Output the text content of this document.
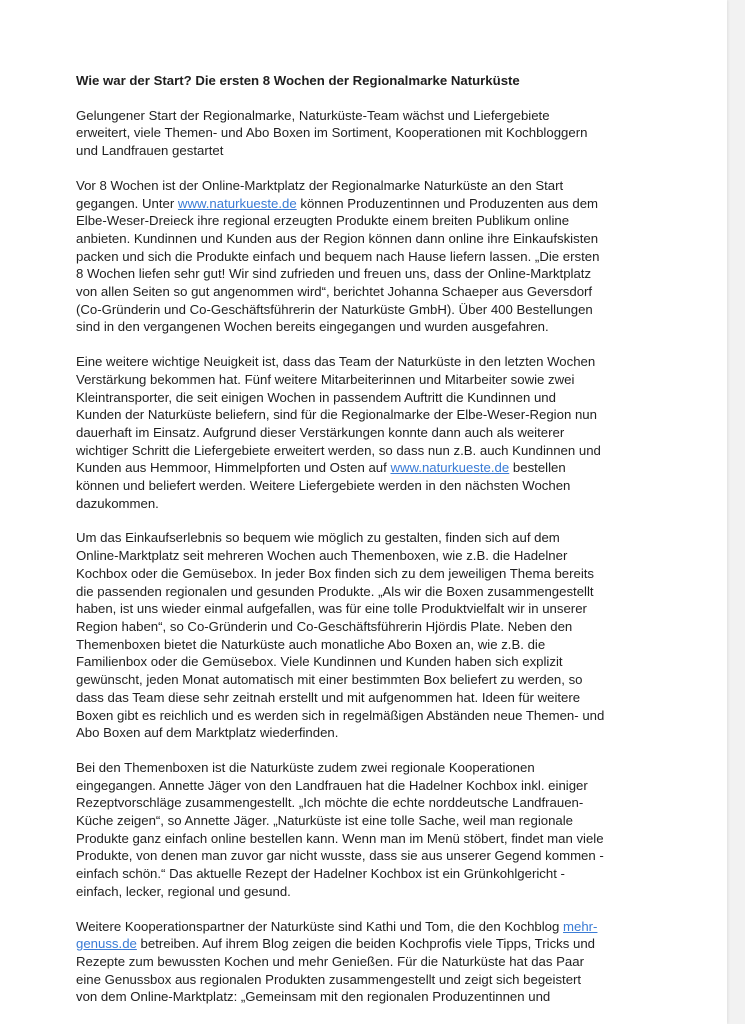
Wie war der Start? Die ersten 8 Wochen der Regionalmarke Naturküste

Gelungener Start der Regionalmarke, Naturküste-Team wächst und Liefergebiete
erweitert, viele Themen- und Abo Boxen im Sortiment, Kooperationen mit Kochbloggern
und Landfrauen gestartet

Vor 8 Wochen ist der Online-Marktplatz der Regionalmarke Naturküste an den Start
gegangen. Unter www.naturkueste.de können Produzentinnen und Produzenten aus dem
Elbe-Weser-Dreieck ihre regional erzeugten Produkte einem breiten Publikum online
anbieten. Kundinnen und Kunden aus der Region können dann online ihre Einkaufskisten
packen und sich die Produkte einfach und bequem nach Hause liefern lassen. „Die ersten
8 Wochen liefen sehr gut! Wir sind zufrieden und freuen uns, dass der Online-Marktplatz
von allen Seiten so gut angenommen wird“, berichtet Johanna Schaeper aus Geversdorf
(Co-Gründerin und Co-Geschäftsführerin der Naturküste GmbH). Über 400 Bestellungen
sind in den vergangenen Wochen bereits eingegangen und wurden ausgefahren.

Eine weitere wichtige Neuigkeit ist, dass das Team der Naturküste in den letzten Wochen
Verstärkung bekommen hat. Fünf weitere Mitarbeiterinnen und Mitarbeiter sowie zwei
Kleintransporter, die seit einigen Wochen in passendem Auftritt die Kundinnen und
Kunden der Naturküste beliefern, sind für die Regionalmarke der Elbe-Weser-Region nun
dauerhaft im Einsatz. Aufgrund dieser Verstärkungen konnte dann auch als weiterer
wichtiger Schritt die Liefergebiete erweitert werden, so dass nun z.B. auch Kundinnen und
Kunden aus Hemmoor, Himmelpforten und Osten auf www.naturkueste.de bestellen
können und beliefert werden. Weitere Liefergebiete werden in den nächsten Wochen
dazukommen.

Um das Einkaufserlebnis so bequem wie möglich zu gestalten, finden sich auf dem
Online-Marktplatz seit mehreren Wochen auch Themenboxen, wie z.B. die Hadelner
Kochbox oder die Gemüsebox. In jeder Box finden sich zu dem jeweiligen Thema bereits
die passenden regionalen und gesunden Produkte. „Als wir die Boxen zusammengestellt
haben, ist uns wieder einmal aufgefallen, was für eine tolle Produktvielfalt wir in unserer
Region haben“, so Co-Gründerin und Co-Geschäftsführerin Hjördis Plate. Neben den
Themenboxen bietet die Naturküste auch monatliche Abo Boxen an, wie z.B. die
Familienbox oder die Gemüsebox. Viele Kundinnen und Kunden haben sich explizit
gewünscht, jeden Monat automatisch mit einer bestimmten Box beliefert zu werden, so
dass das Team diese sehr zeitnah erstellt und mit aufgenommen hat. Ideen für weitere
Boxen gibt es reichlich und es werden sich in regelmäßigen Abständen neue Themen- und
Abo Boxen auf dem Marktplatz wiederfinden.

Bei den Themenboxen ist die Naturküste zudem zwei regionale Kooperationen
eingegangen. Annette Jäger von den Landfrauen hat die Hadelner Kochbox inkl. einiger
Rezeptvorschläge zusammengestellt. „Ich möchte die echte norddeutsche Landfrauen-
Küche zeigen“, so Annette Jäger. „Naturküste ist eine tolle Sache, weil man regionale
Produkte ganz einfach online bestellen kann. Wenn man im Menü stöbert, findet man viele
Produkte, von denen man zuvor gar nicht wusste, dass sie aus unserer Gegend kommen -
einfach schön.“ Das aktuelle Rezept der Hadelner Kochbox ist ein Grünkohlgericht -
einfach, lecker, regional und gesund.

Weitere Kooperationspartner der Naturküste sind Kathi und Tom, die den Kochblog mehr-
genuss.de betreiben. Auf ihrem Blog zeigen die beiden Kochprofis viele Tipps, Tricks und
Rezepte zum bewussten Kochen und mehr Genießen. Für die Naturküste hat das Paar
eine Genussbox aus regionalen Produkten zusammengestellt und zeigt sich begeistert
von dem Online-Marktplatz: „Gemeinsam mit den regionalen Produzentinnen und
